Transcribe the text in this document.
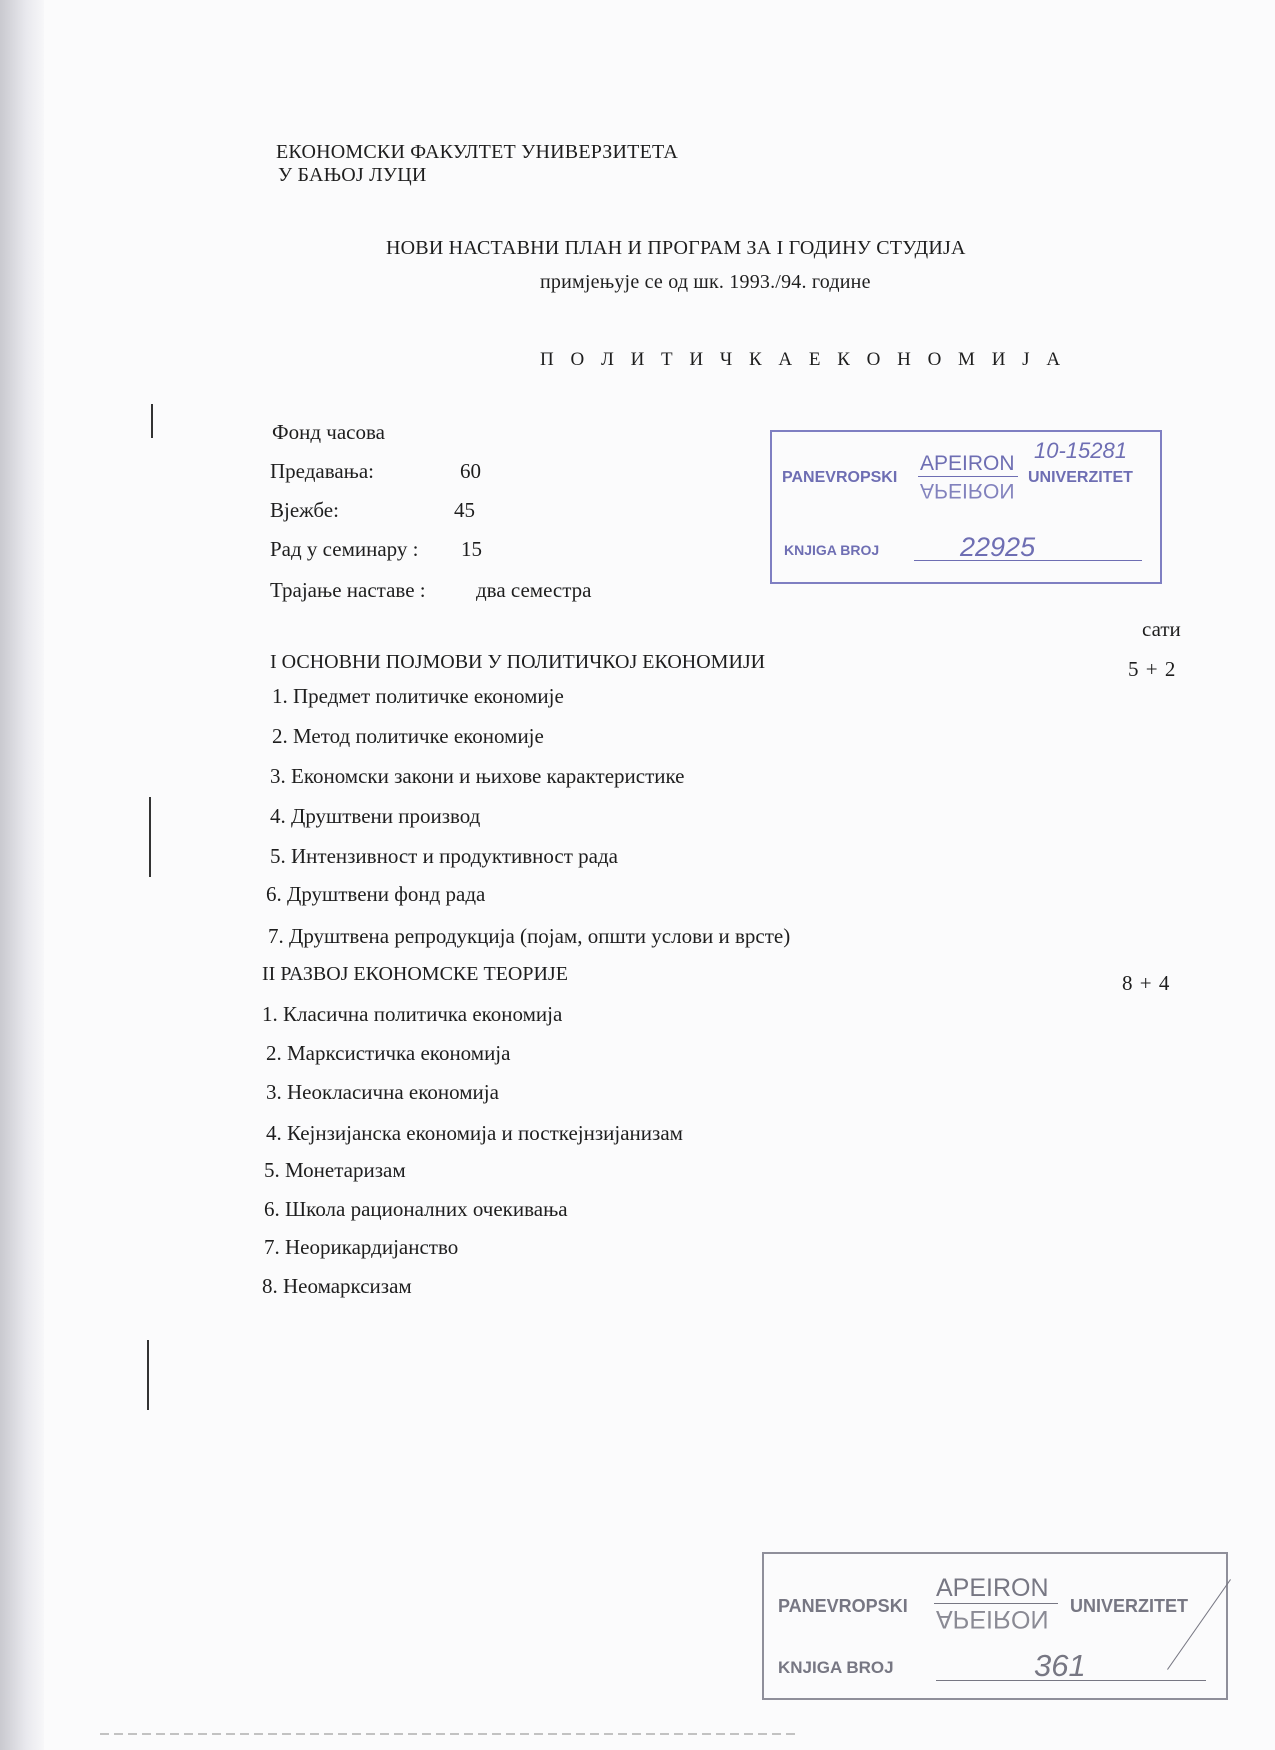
ЕКОНОМСКИ ФАКУЛТЕТ УНИВЕРЗИТЕТА
У БАЊОЈ ЛУЦИ
НОВИ НАСТАВНИ ПЛАН И ПРОГРАМ ЗА I ГОДИНУ СТУДИЈА
примјењује се од шк. 1993./94. године
П О Л И Т И Ч К А Е К О Н О М И Ј А
Фонд часова
Предавања:	60
Вјежбе:	45
Рад у семинару : 15
Трајање наставе : два семестра
сати
I ОСНОВНИ ПОЈМОВИ У ПОЛИТИЧКОЈ ЕКОНОМИЈИ	5 + 2
1. Предмет политичке економије
2. Метод политичке економије
3. Економски закони и њихове карактеристике
4. Друштвени производ
5. Интензивност и продуктивност рада
6. Друштвени фонд рада
7. Друштвена репродукција (појам, општи услови и врсте)
II РАЗВОЈ ЕКОНОМСКЕ ТЕОРИЈЕ	8 + 4
1. Класична политичка економија
2. Марксистичка економија
3. Неокласична економија
4. Кејнзијанска економија и посткејнзијанизам
5. Монетаризам
6. Школа рационалних очекивања
7. Неорикардијанство
8. Неомарксизам
PANEVROPSKI
APEIRON
APEIRON
UNIVERZITET
10-15281
KNJIGA BROJ	22925
PANEVROPSKI
APEIRON
APEIRON UNIVERZITET
KNJIGA BROJ	361
